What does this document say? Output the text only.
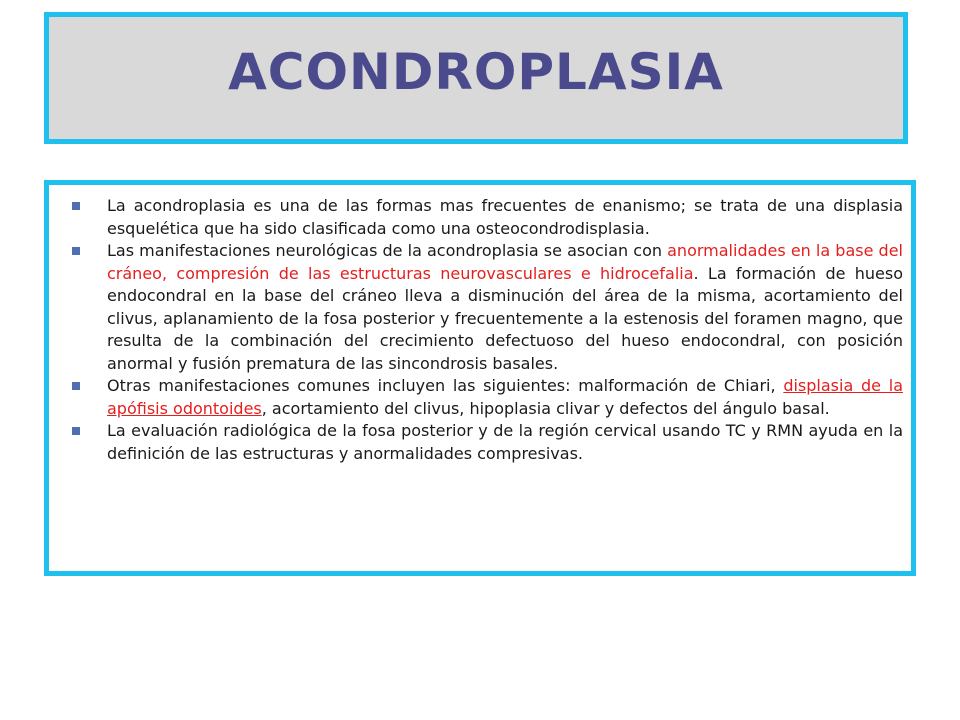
ACONDROPLASIA
La acondroplasia es una de las formas mas frecuentes de enanismo; se trata de una displasia esquelética que ha sido clasificada como una osteocondrodisplasia.
Las manifestaciones neurológicas de la acondroplasia se asocian con anormalidades en la base del cráneo, compresión de las estructuras neurovasculares e hidrocefalia. La formación de hueso endocondral en la base del cráneo lleva a disminución del área de la misma, acortamiento del clivus, aplanamiento de la fosa posterior y frecuentemente a la estenosis del foramen magno, que resulta de la combinación del crecimiento defectuoso del hueso endocondral, con posición anormal y fusión prematura de las sincondrosis basales.
Otras manifestaciones comunes incluyen las siguientes: malformación de Chiari, displasia de la apófisis odontoides, acortamiento del clivus, hipoplasia clivar y defectos del ángulo basal.
La evaluación radiológica de la fosa posterior y de la región cervical usando TC y RMN ayuda en la definición de las estructuras y anormalidades compresivas.
